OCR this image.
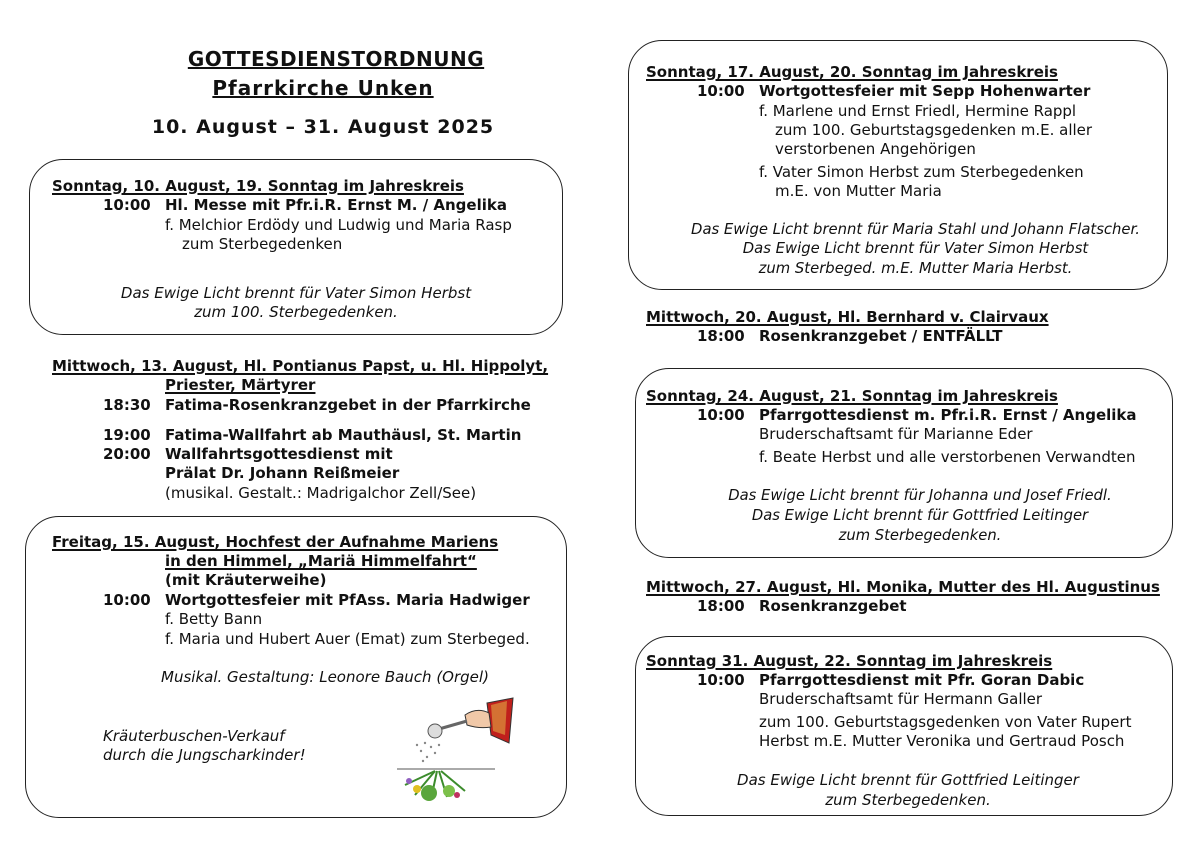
GOTTESDIENSTORDNUNG
Pfarrkirche Unken
10. August – 31. August 2025
Sonntag, 10. August, 19. Sonntag im Jahreskreis
10:00 Hl. Messe mit Pfr.i.R. Ernst M. / Angelika
f. Melchior Erdödy und Ludwig und Maria Rasp
zum Sterbegedenken
Das Ewige Licht brennt für Vater Simon Herbst
zum 100. Sterbegedenken.
Mittwoch, 13. August, Hl. Pontianus Papst, u. Hl. Hippolyt,
Priester, Märtyrer
18:30 Fatima-Rosenkranzgebet in der Pfarrkirche
19:00 Fatima-Wallfahrt ab Mauthäusl, St. Martin
20:00 Wallfahrtsgottesdienst mit
Prälat Dr. Johann Reißmeier
(musikal. Gestalt.: Madrigalchor Zell/See)
Freitag, 15. August, Hochfest der Aufnahme Mariens
in den Himmel, „Mariä Himmelfahrt“
(mit Kräuterweihe)
10:00 Wortgottesfeier mit PfAss. Maria Hadwiger
f. Betty Bann
f. Maria und Hubert Auer (Emat) zum Sterbeged.
Musikal. Gestaltung: Leonore Bauch (Orgel)
Kräuterbuschen-Verkauf
durch die Jungscharkinder!
Sonntag, 17. August, 20. Sonntag im Jahreskreis
10:00 Wortgottesfeier mit Sepp Hohenwarter
f. Marlene und Ernst Friedl, Hermine Rappl
zum 100. Geburtstagsgedenken m.E. aller
verstorbenen Angehörigen
f. Vater Simon Herbst zum Sterbegedenken
m.E. von Mutter Maria
Das Ewige Licht brennt für Maria Stahl und Johann Flatscher.
Das Ewige Licht brennt für Vater Simon Herbst
zum Sterbeged. m.E. Mutter Maria Herbst.
Mittwoch, 20. August, Hl. Bernhard v. Clairvaux
18:00 Rosenkranzgebet / ENTFÄLLT
Sonntag, 24. August, 21. Sonntag im Jahreskreis
10:00 Pfarrgottesdienst m. Pfr.i.R. Ernst / Angelika
Bruderschaftsamt für Marianne Eder
f. Beate Herbst und alle verstorbenen Verwandten
Das Ewige Licht brennt für Johanna und Josef Friedl.
Das Ewige Licht brennt für Gottfried Leitinger
zum Sterbegedenken.
Mittwoch, 27. August, Hl. Monika, Mutter des Hl. Augustinus
18:00 Rosenkranzgebet
Sonntag 31. August, 22. Sonntag im Jahreskreis
10:00 Pfarrgottesdienst mit Pfr. Goran Dabic
Bruderschaftsamt für Hermann Galler
zum 100. Geburtstagsgedenken von Vater Rupert
Herbst m.E. Mutter Veronika und Gertraud Posch
Das Ewige Licht brennt für Gottfried Leitinger
zum Sterbegedenken.
